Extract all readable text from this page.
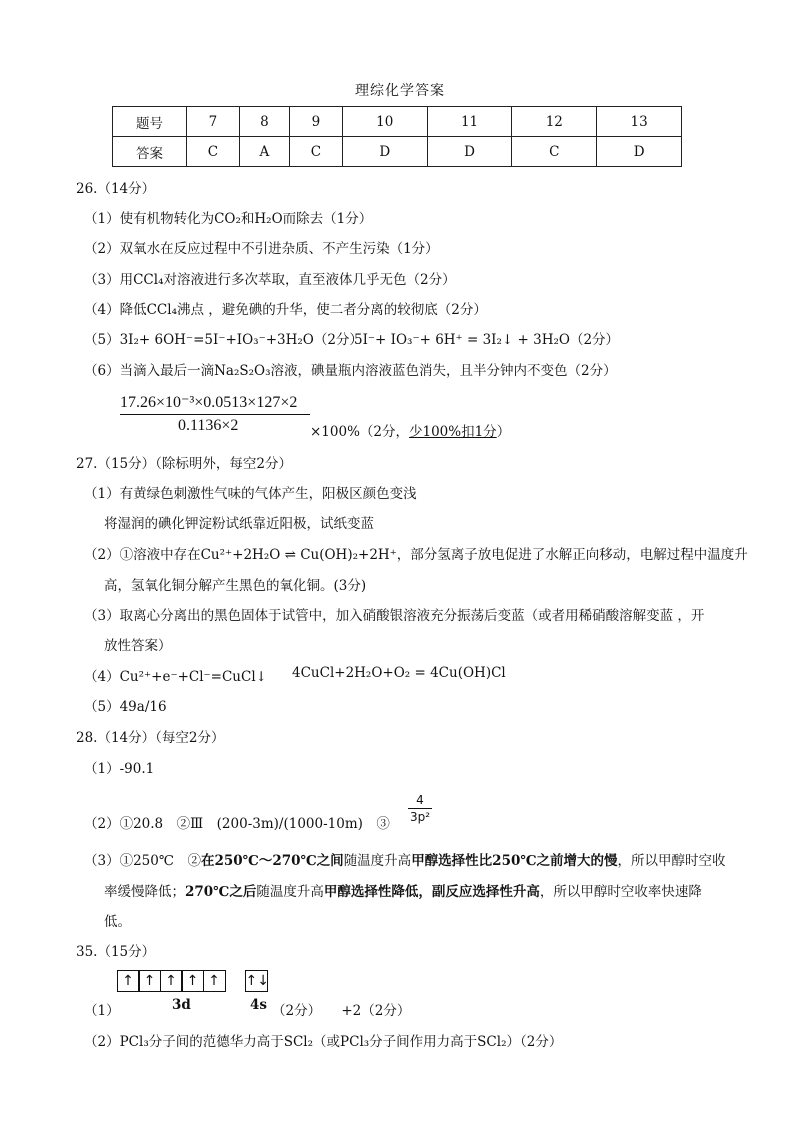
理综化学答案
题号	7	8	9	10	11	12	13
答案	C	A	C	D	D	C	D
26.（14分）
（1）使有机物转化为CO₂和H₂O而除去（1分）
（2）双氧水在反应过程中不引进杂质、不产生污染（1分）
（3）用CCl₄对溶液进行多次萃取，直至液体几乎无色（2分）
（4）降低CCl₄沸点 ，避免碘的升华，使二者分离的较彻底（2分）
（5）3I₂+ 6OH⁻=5I⁻+IO₃⁻+3H₂O（2分）
5I⁻+ IO₃⁻+ 6H⁺ = 3I₂↓ + 3H₂O（2分）
（6）当滴入最后一滴Na₂S₂O₃溶液，碘量瓶内溶液蓝色消失，且半分钟内不变色（2分）
17.26×10⁻³×0.0513×127×2
0.1136×2	×100%（2分，少100%扣1分）
27.（15分）（除标明外，每空2分）
（1）有黄绿色刺激性气味的气体产生，阳极区颜色变浅
将湿润的碘化钾淀粉试纸靠近阳极，试纸变蓝
（2）①溶液中存在Cu²⁺+2H₂O ⇌ Cu(OH)₂+2H⁺，部分氢离子放电促进了水解正向移动，电解过程中温度升
高，氢氧化铜分解产生黑色的氧化铜。(3分)
（3）取离心分离出的黑色固体于试管中，加入硝酸银溶液充分振荡后变蓝（或者用稀硝酸溶解变蓝 ，开
放性答案）
（4）Cu²⁺+e⁻+Cl⁻=CuCl↓ 4CuCl+2H₂O+O₂ = 4Cu(OH)Cl
（5）49a/16
28.（14分）（每空2分）
（1）-90.1
（2）①20.8　②Ⅲ　(200-3m)/(1000-10m)　③
4
3p²
（3）①250℃　②在250℃～270℃之间随温度升高甲醇选择性比250℃之前增大的慢，所以甲醇时空收
率缓慢降低；270℃之后随温度升高甲醇选择性降低，副反应选择性升高，所以甲醇时空收率快速降
低。
35.（15分）
（1）
↑ ↑ ↑ ↑ ↑	↑↓
3d	4s （2分）　　+2（2分）
（2）PCl₃分子间的范德华力高于SCl₂（或PCl₃分子间作用力高于SCl₂）（2分）
